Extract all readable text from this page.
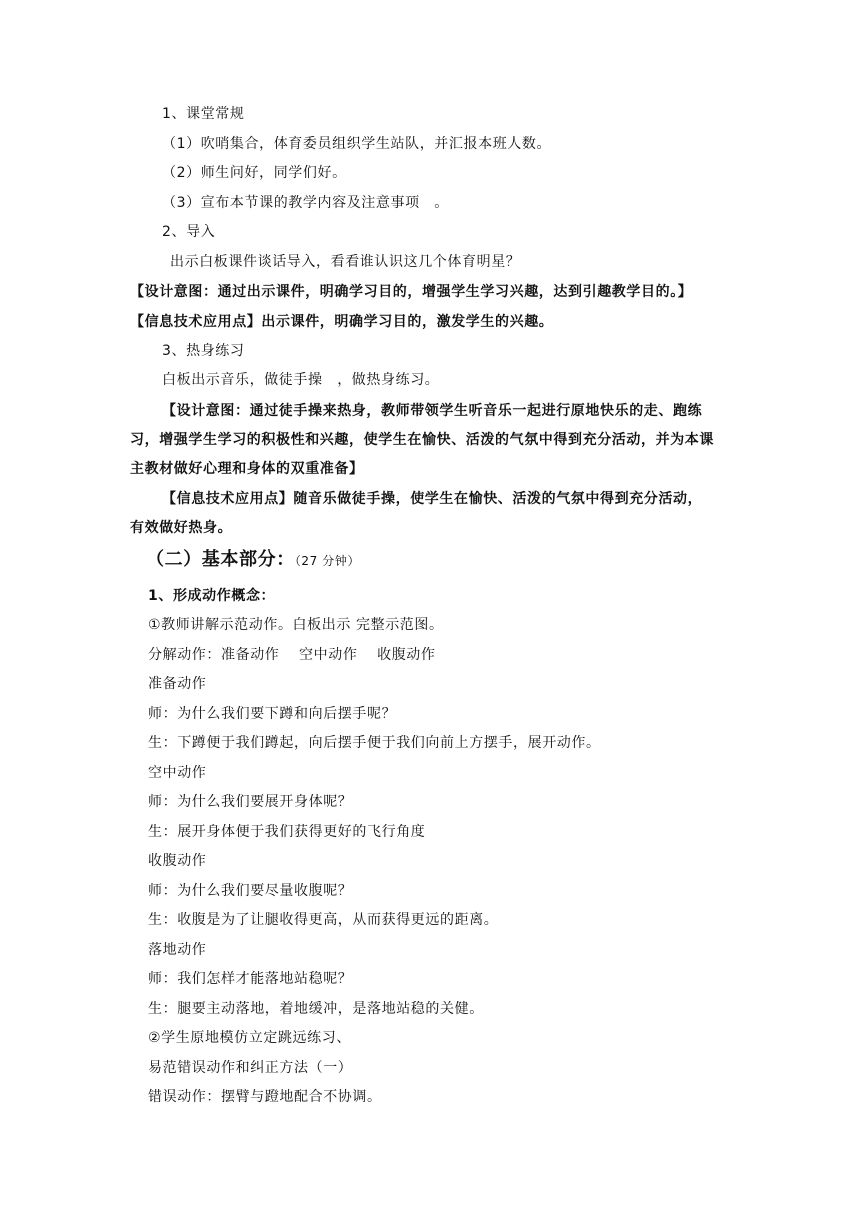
1、课堂常规
（1）吹哨集合，体育委员组织学生站队，并汇报本班人数。
（2）师生问好，同学们好。
（3）宣布本节课的教学内容及注意事项　。
2、导入
出示白板课件谈话导入，看看谁认识这几个体育明星？
【设计意图：通过出示课件，明确学习目的，增强学生学习兴趣，达到引趣教学目的。】
【信息技术应用点】出示课件，明确学习目的，激发学生的兴趣。
3、热身练习
白板出示音乐，做徒手操　，做热身练习。
【设计意图：通过徒手操来热身，教师带领学生听音乐一起进行原地快乐的走、跑练
习，增强学生学习的积极性和兴趣，使学生在愉快、活泼的气氛中得到充分活动，并为本课
主教材做好心理和身体的双重准备】
【信息技术应用点】随音乐做徒手操，使学生在愉快、活泼的气氛中得到充分活动，
有效做好热身。
（二）基本部分：（27 分钟）
1、形成动作概念：
①教师讲解示范动作。白板出示 完整示范图。
分解动作：准备动作　 空中动作　 收腹动作
准备动作
师：为什么我们要下蹲和向后摆手呢？
生：下蹲便于我们蹲起，向后摆手便于我们向前上方摆手，展开动作。
空中动作
师：为什么我们要展开身体呢？
生：展开身体便于我们获得更好的飞行角度
收腹动作
师：为什么我们要尽量收腹呢？
生：收腹是为了让腿收得更高，从而获得更远的距离。
落地动作
师：我们怎样才能落地站稳呢？
生：腿要主动落地，着地缓冲，是落地站稳的关健。
②学生原地模仿立定跳远练习、
易范错误动作和纠正方法（一）
错误动作：摆臂与蹬地配合不协调。
